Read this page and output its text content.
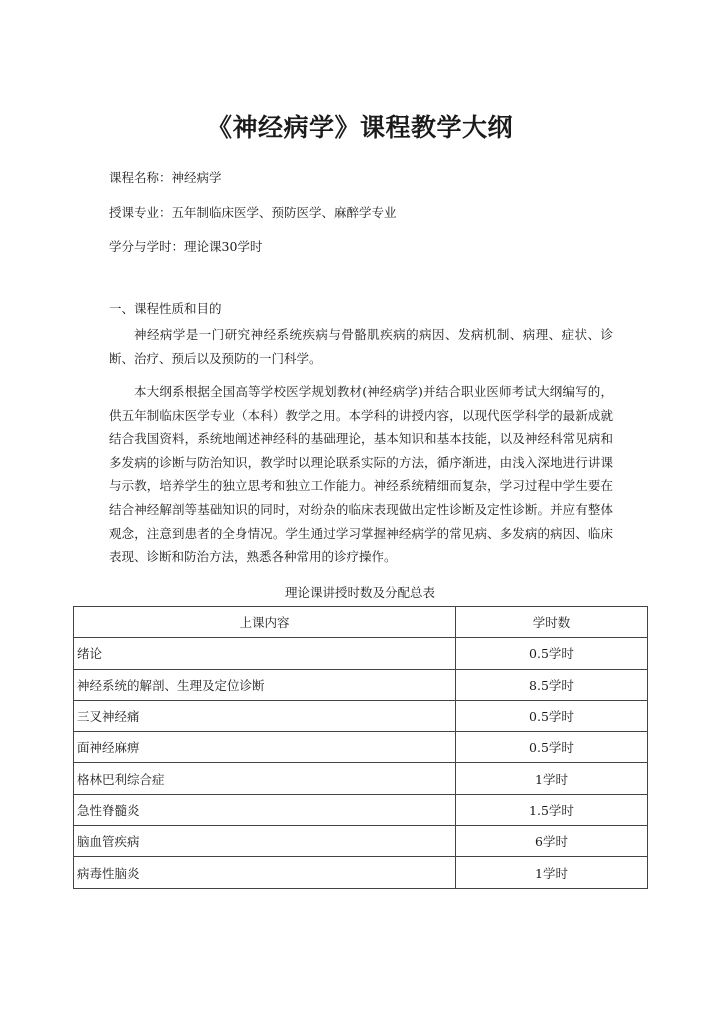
《神经病学》课程教学大纲
课程名称：神经病学
授课专业：五年制临床医学、预防医学、麻醉学专业
学分与学时：理论课30学时
一、课程性质和目的

神经病学是一门研究神经系统疾病与骨骼肌疾病的病因、发病机制、病理、症状、诊断、治疗、预后以及预防的一门科学。

本大纲系根据全国高等学校医学规划教材(神经病学)并结合职业医师考试大纲编写的，供五年制临床医学专业（本科）教学之用。本学科的讲授内容，以现代医学科学的最新成就结合我国资料，系统地阐述神经科的基础理论，基本知识和基本技能，以及神经科常见病和多发病的诊断与防治知识，教学时以理论联系实际的方法，循序渐进，由浅入深地进行讲课与示教，培养学生的独立思考和独立工作能力。神经系统精细而复杂，学习过程中学生要在结合神经解剖等基础知识的同时，对纷杂的临床表现做出定性诊断及定性诊断。并应有整体观念，注意到患者的全身情况。学生通过学习掌握神经病学的常见病、多发病的病因、临床表现、诊断和防治方法，熟悉各种常用的诊疗操作。

理论课讲授时数及分配总表
上课内容	学时数
绪论	0.5学时
神经系统的解剖、生理及定位诊断	8.5学时
三叉神经痛	0.5学时
面神经麻痹	0.5学时
格林巴利综合症	1学时
急性脊髓炎	1.5学时
脑血管疾病	6学时
病毒性脑炎	1学时
